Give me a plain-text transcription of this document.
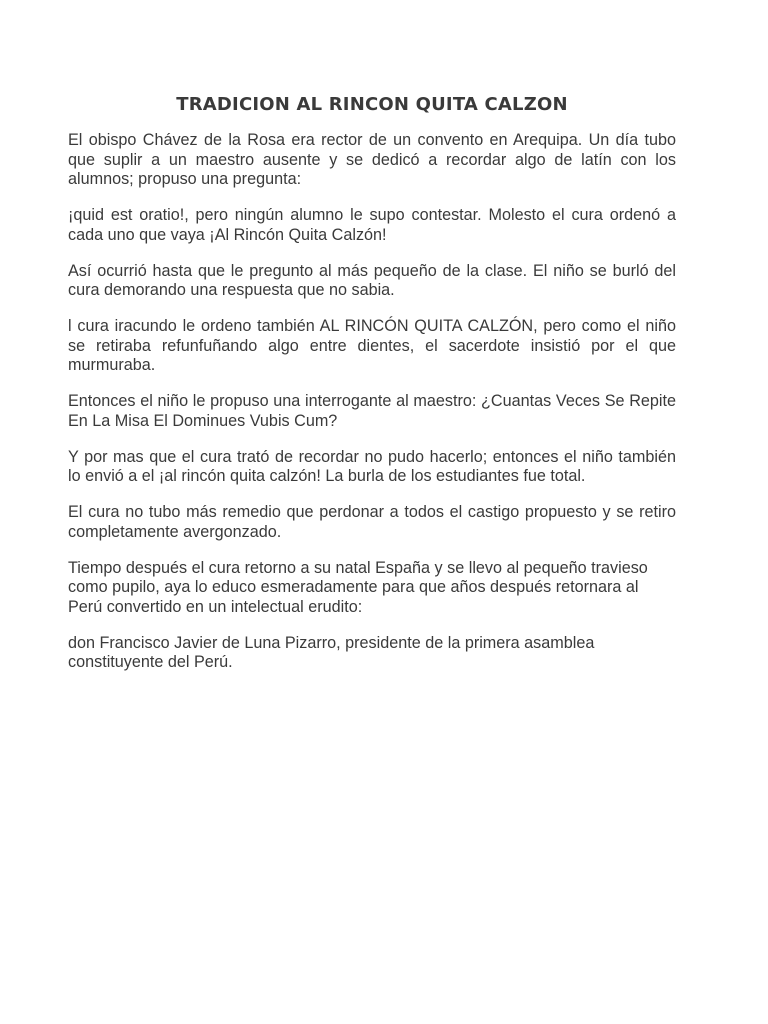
TRADICION AL RINCON QUITA CALZON

El obispo Chávez de la Rosa era rector de un convento en Arequipa. Un día tubo que suplir a un maestro ausente y se dedicó a recordar algo de latín con los alumnos; propuso una pregunta:

¡quid est oratio!, pero ningún alumno le supo contestar. Molesto el cura ordenó a cada uno que vaya ¡Al Rincón Quita Calzón!

Así ocurrió hasta que le pregunto al más pequeño de la clase. El niño se burló del cura demorando una respuesta que no sabia.

l cura iracundo le ordeno también AL RINCÓN QUITA CALZÓN, pero como el niño se retiraba refunfuñando algo entre dientes, el sacerdote insistió por el que murmuraba.

Entonces el niño le propuso una interrogante al maestro: ¿Cuantas Veces Se Repite En La Misa El Dominues Vubis Cum?

Y por mas que el cura trató de recordar no pudo hacerlo; entonces el niño también lo envió a el ¡al rincón quita calzón! La burla de los estudiantes fue total.

El cura no tubo más remedio que perdonar a todos el castigo propuesto y se retiro completamente avergonzado.

Tiempo después el cura retorno a su natal España y se llevo al pequeño travieso como pupilo, aya lo educo esmeradamente para que años después retornara al Perú convertido en un intelectual erudito:

don Francisco Javier de Luna Pizarro, presidente de la primera asamblea constituyente del Perú.
